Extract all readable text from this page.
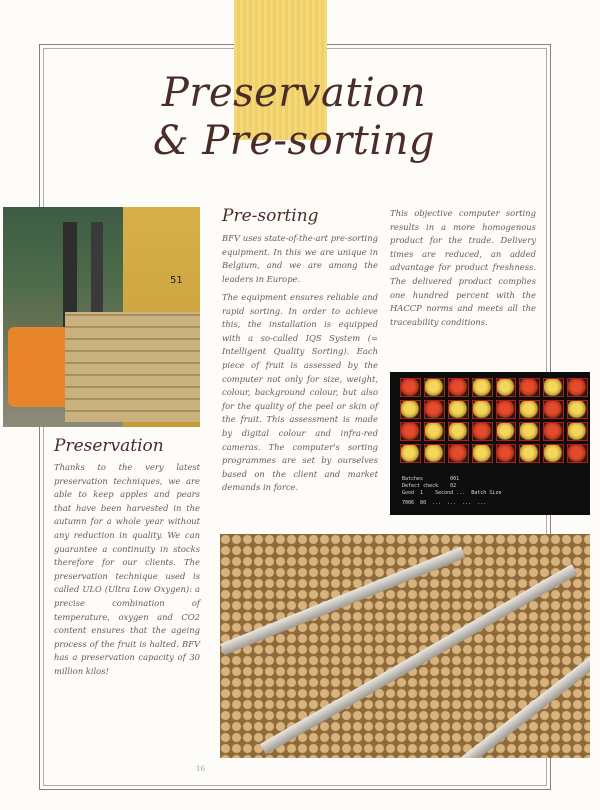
Preservation
& Pre-sorting
51
Pre-sorting

BFV uses state-of-the-art pre-sorting equipment. In this we are unique in Belgium, and we are among the leaders in Europe.

The equipment ensures reliable and rapid sorting. In order to achieve this, the installation is equipped with a so-called IQS System (= Intelligent Quality Sorting). Each piece of fruit is assessed by the computer not only for size, weight, colour, background colour, but also for the quality of the peel or skin of the fruit. This assessment is made by digital colour and infra-red cameras. The computer's sorting programmes are set by ourselves based on the client and market demands in force.

This objective computer sorting results in a more homogenous product for the trade. Delivery times are reduced, an added advantage for product freshness. The delivered product complies one hundred percent with the HACCP norms and meets all the traceability conditions.

Batches         001
Defect check    02
Good  1    Second ...  Batch Size
7006  80  ...  ...  ...  ...
Preservation

Thanks to the very latest preservation techniques, we are able to keep apples and pears that have been harvested in the autumn for a whole year without any reduction in quality. We can guarantee a continuity in stocks therefore for our clients. The preservation technique used is called ULO (Ultra Low Oxygen): a precise combination of temperature, oxygen and CO2 content ensures that the ageing process of the fruit is halted. BFV has a preservation capacity of 30 million kilos!

16
